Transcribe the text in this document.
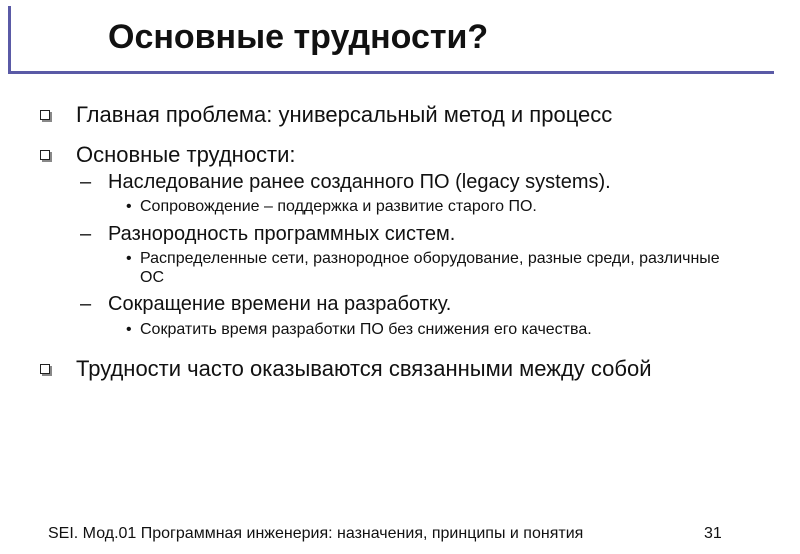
Основные трудности?
Главная проблема: универсальный метод и процесс
Основные трудности:
– Наследование ранее созданного ПО (legacy systems).
• Сопровождение – поддержка и развитие старого ПО.
– Разнородность программных систем.
• Распределенные сети, разнородное оборудование, разные среди, различные ОС
– Сокращение времени на разработку.
• Сократить время разработки ПО без снижения его качества.
Трудности часто оказываются связанными между собой
SEI. Мод.01 Программная инженерия: назначения, принципы и понятия	31
